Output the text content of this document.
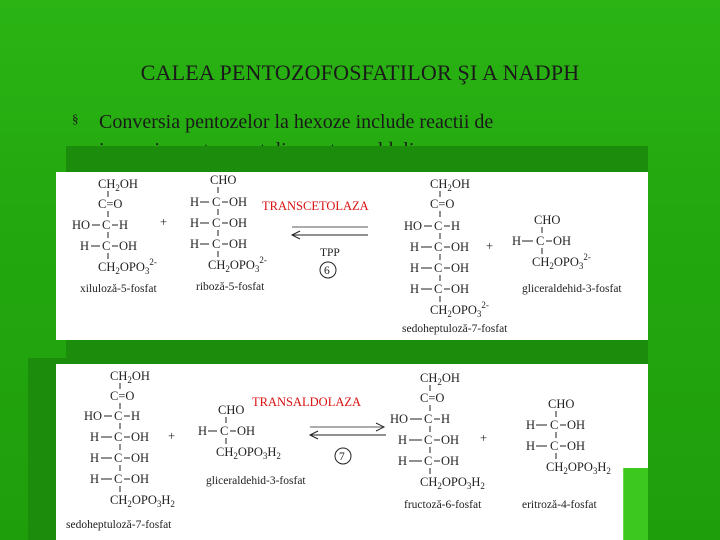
CALEA PENTOZOFOSFATILOR ŞI A NADPH
§ Conversia pentozelor la hexoze include reactii de
$CH_2OH$
C=O
HO C H
H C OH
$CH_2OPO_3^{2-}$
xiluloză-5-fosfat
+
CHO
H C OH
H C OH
H C OH
$CH_2OPO_3^{2-}$
riboză-5-fosfat
TRANSCETOLAZA
TPP
6
$CH_2OH$
C=O
HO C H
H C OH
H C OH
H C OH
$CH_2OPO_3^{2-}$
sedoheptuloză-7-fosfat
+
CHO
H C OH
$CH_2OPO_3^{2-}$
gliceraldehid-3-fosfat
$CH_2OH$
C=O
HO C H
H C OH
H C OH
H C OH
$CH_2OPO_3H_2$
sedoheptuloză-7-fosfat
+
CHO
H C OH
$CH_2OPO_3H_2$
gliceraldehid-3-fosfat
TRANSALDOLAZA
7
$CH_2OH$
C=O
HO C H
H C OH
H C OH
$CH_2OPO_3H_2$
fructoză-6-fosfat
+
CHO
H C OH
H C OH
$CH_2OPO_3H_2$
eritroză-4-fosfat
